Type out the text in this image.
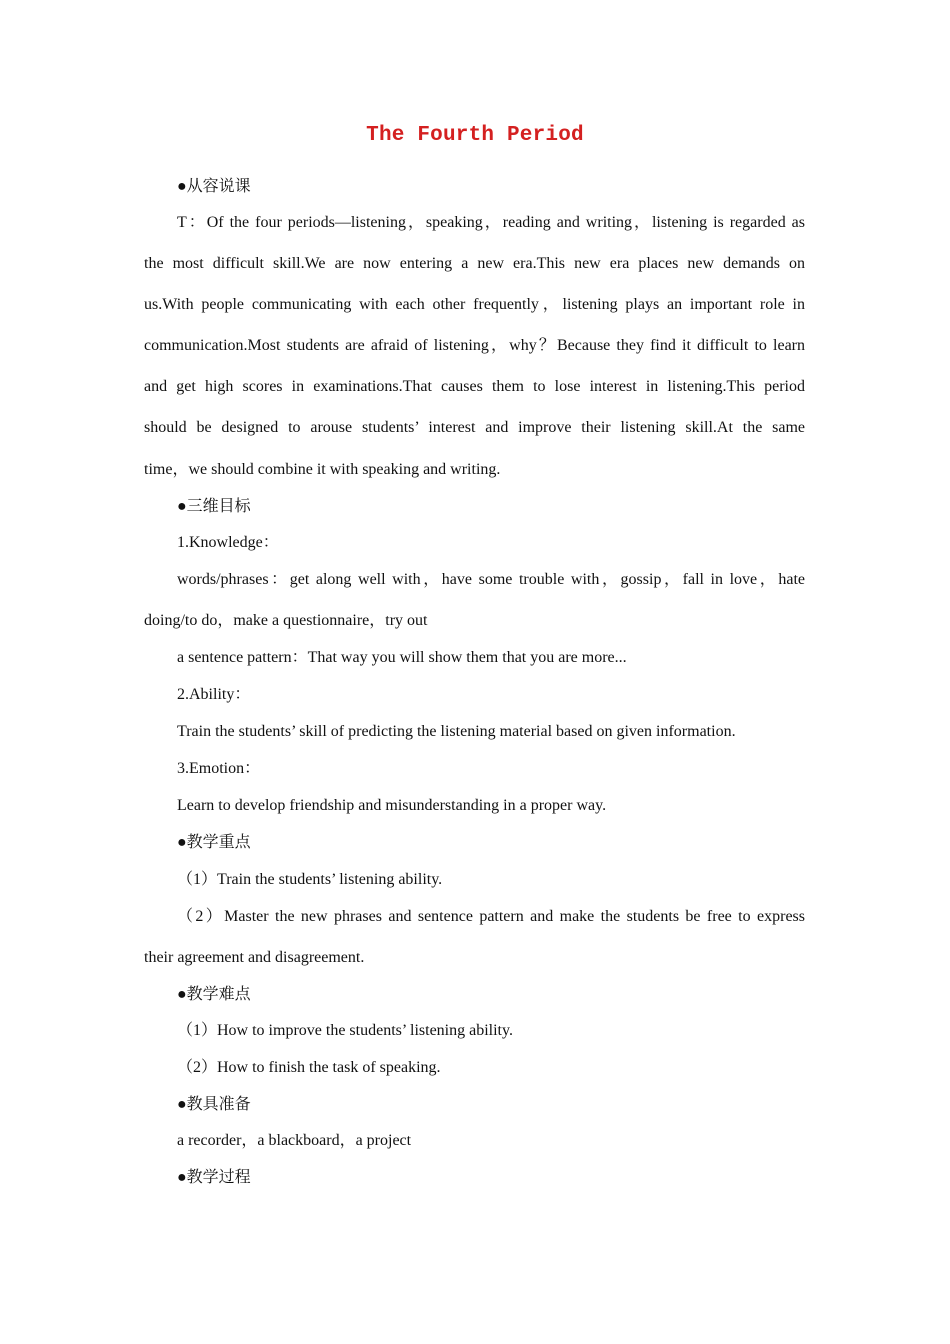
The Fourth Period
●从容说课
T：Of the four periods—listening，speaking，reading and writing，listening is regarded as
the most difficult skill.We are now entering a new era.This new era places new demands on
us.With people communicating with each other frequently，listening plays an important role in
communication.Most students are afraid of listening，why？Because they find it difficult to learn
and get high scores in examinations.That causes them to lose interest in listening.This period
should be designed to arouse students’ interest and improve their listening skill.At the same
time，we should combine it with speaking and writing.
●三维目标
1.Knowledge：
words/phrases：get along well with，have some trouble with，gossip，fall in love，hate
doing/to do，make a questionnaire，try out
a sentence pattern：That way you will show them that you are more...
2.Ability：
Train the students’ skill of predicting the listening material based on given information.
3.Emotion：
Learn to develop friendship and misunderstanding in a proper way.
●教学重点
（1）Train the students’ listening ability.
（2）Master the new phrases and sentence pattern and make the students be free to express
their agreement and disagreement.
●教学难点
（1）How to improve the students’ listening ability.
（2）How to finish the task of speaking.
●教具准备
a recorder，a blackboard，a project
●教学过程
